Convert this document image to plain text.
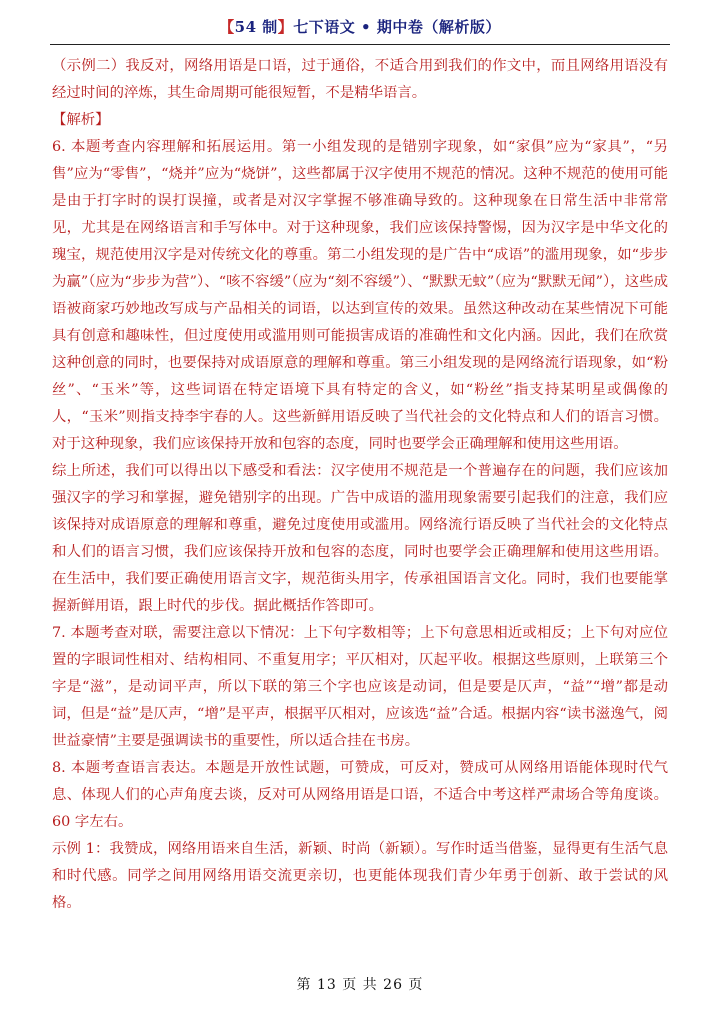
【54 制】七下语文 • 期中卷（解析版）

（示例二）我反对，网络用语是口语，过于通俗，不适合用到我们的作文中，而且网络用语没有经过时间的淬炼，其生命周期可能很短暂，不是精华语言。

【解析】

6. 本题考查内容理解和拓展运用。第一小组发现的是错别字现象，如“家俱”应为“家具”，“另售”应为“零售”，“烧并”应为“烧饼”，这些都属于汉字使用不规范的情况。这种不规范的使用可能是由于打字时的误打误撞，或者是对汉字掌握不够准确导致的。这种现象在日常生活中非常常见，尤其是在网络语言和手写体中。对于这种现象，我们应该保持警惕，因为汉字是中华文化的瑰宝，规范使用汉字是对传统文化的尊重。第二小组发现的是广告中“成语”的滥用现象，如“步步为赢”（应为“步步为营”）、“咳不容缓”（应为“刻不容缓”）、“默默无蚊”（应为“默默无闻”），这些成语被商家巧妙地改写成与产品相关的词语，以达到宣传的效果。虽然这种改动在某些情况下可能具有创意和趣味性，但过度使用或滥用则可能损害成语的准确性和文化内涵。因此，我们在欣赏这种创意的同时，也要保持对成语原意的理解和尊重。第三小组发现的是网络流行语现象，如“粉丝”、“玉米”等，这些词语在特定语境下具有特定的含义，如“粉丝”指支持某明星或偶像的人，“玉米”则指支持李宇春的人。这些新鲜用语反映了当代社会的文化特点和人们的语言习惯。对于这种现象，我们应该保持开放和包容的态度，同时也要学会正确理解和使用这些用语。

综上所述，我们可以得出以下感受和看法：汉字使用不规范是一个普遍存在的问题，我们应该加强汉字的学习和掌握，避免错别字的出现。广告中成语的滥用现象需要引起我们的注意，我们应该保持对成语原意的理解和尊重，避免过度使用或滥用。网络流行语反映了当代社会的文化特点和人们的语言习惯，我们应该保持开放和包容的态度，同时也要学会正确理解和使用这些用语。在生活中，我们要正确使用语言文字，规范街头用字，传承祖国语言文化。同时，我们也要能掌握新鲜用语，跟上时代的步伐。据此概括作答即可。

7. 本题考查对联，需要注意以下情况：上下句字数相等；上下句意思相近或相反；上下句对应位置的字眼词性相对、结构相同、不重复用字；平仄相对，仄起平收。根据这些原则，上联第三个字是“滋”，是动词平声，所以下联的第三个字也应该是动词，但是要是仄声，“益”“增”都是动词，但是“益”是仄声，“增”是平声，根据平仄相对，应该选“益”合适。根据内容“读书滋逸气，阅世益豪情”主要是强调读书的重要性，所以适合挂在书房。

8. 本题考查语言表达。本题是开放性试题，可赞成，可反对，赞成可从网络用语能体现时代气息、体现人们的心声角度去谈，反对可从网络用语是口语，不适合中考这样严肃场合等角度谈。60 字左右。

示例 1：我赞成，网络用语来自生活，新颖、时尚（新颖）。写作时适当借鉴，显得更有生活气息和时代感。同学之间用网络用语交流更亲切，也更能体现我们青少年勇于创新、敢于尝试的风格。

第 13 页 共 26 页
